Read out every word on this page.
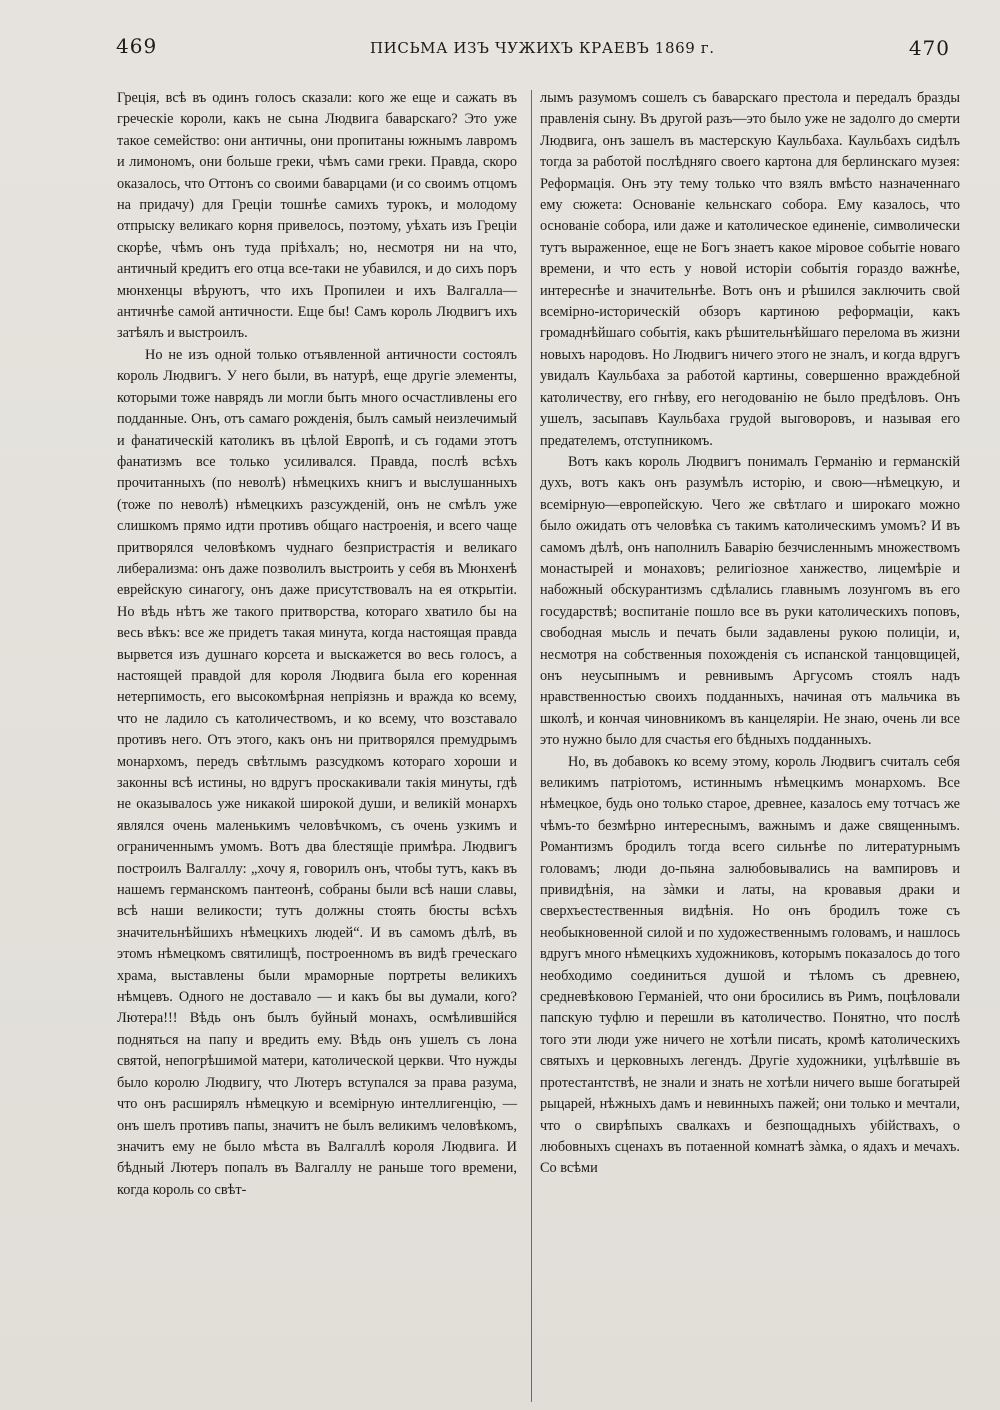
469	ПИСЬМА ИЗЪ ЧУЖИХЪ КРАЕВЪ 1869 г.	470

Грецiя, всѣ въ одинъ голосъ сказали: кого же еще и сажать въ греческiе короли, какъ не сына Людвига баварскаго? Это уже такое семейство: они античны, они пропитаны южнымъ лавромъ и лимономъ, они больше греки, чѣмъ сами греки. Правда, скоро оказалось, что Оттонъ со своими баварцами (и со своимъ отцомъ на придачу) для Грецiи тошнѣе самихъ турокъ, и молодому отпрыску великаго корня привелось, поэтому, уѣхать изъ Грецiи скорѣе, чѣмъ онъ туда прiѣхалъ; но, несмотря ни на что, античный кредитъ его отца все-таки не убавился, и до сихъ поръ мюнхенцы вѣруютъ, что ихъ Пропилеи и ихъ Валгалла—античнѣе самой античности. Еще бы! Самъ король Людвигъ ихъ затѣялъ и выстроилъ.

Но не изъ одной только отъявленной античности состоялъ король Людвигъ. У него были, въ натурѣ, еще другiе элементы, которыми тоже наврядъ ли могли быть много осчастливлены его подданные. Онъ, отъ самаго рожденiя, былъ самый неизлечимый и фанатическiй католикъ въ цѣлой Европѣ, и съ годами этотъ фанатизмъ все только усиливался. Правда, послѣ всѣхъ прочитанныхъ (по неволѣ) нѣмецкихъ книгъ и выслушанныхъ (тоже по неволѣ) нѣмецкихъ разсужденiй, онъ не смѣлъ уже слишкомъ прямо идти противъ общаго настроенiя, и всего чаще притворялся человѣкомъ чуднаго безпристрастiя и великаго либерализма: онъ даже позволилъ выстроить у себя въ Мюнхенѣ еврейскую синагогу, онъ даже присутствовалъ на ея открытiи. Но вѣдь нѣтъ же такого притворства, котораго хватило бы на весь вѣкъ: все же придетъ такая минута, когда настоящая правда вырвется изъ душнаго корсета и выскажется во весь голосъ, а настоящей правдой для короля Людвига была его коренная нетерпимость, его высокомѣрная непрiязнь и вражда ко всему, что не ладило съ католичествомъ, и ко всему, что возставало противъ него. Отъ этого, какъ онъ ни притворялся премудрымъ монархомъ, передъ свѣтлымъ разсудкомъ котораго хороши и законны всѣ истины, но вдругъ проскакивали такiя минуты, гдѣ не оказывалось уже никакой широкой души, и великiй монархъ являлся очень маленькимъ человѣчкомъ, съ очень узкимъ и ограниченнымъ умомъ. Вотъ два блестящiе примѣра. Людвигъ построилъ Валгаллу: „хочу я, говорилъ онъ, чтобы тутъ, какъ въ нашемъ германскомъ пантеонѣ, собраны были всѣ наши славы, всѣ наши великости; тутъ должны стоять бюсты всѣхъ значительнѣйшихъ нѣмецкихъ людей“. И въ самомъ дѣлѣ, въ этомъ нѣмецкомъ святилищѣ, построенномъ въ видѣ греческаго храма, выставлены были мраморные портреты великихъ нѣмцевъ. Одного не доставало — и какъ бы вы думали, кого? Лютера!!! Вѣдь онъ былъ буйный монахъ, осмѣлившiйся подняться на папу и вредить ему. Вѣдь онъ ушелъ съ лона святой, непогрѣшимой матери, католической церкви. Что нужды было королю Людвигу, что Лютеръ вступался за права разума, что онъ расширялъ нѣмецкую и всемiрную интеллигенцiю, — онъ шелъ противъ папы, значитъ не былъ великимъ человѣкомъ, значитъ ему не было мѣста въ Валгаллѣ короля Людвига. И бѣдный Лютеръ попалъ въ Валгаллу не раньше того времени, когда король со свѣт-

лымъ разумомъ сошелъ съ баварскаго престола и передалъ бразды правленiя сыну. Въ другой разъ—это было уже не задолго до смерти Людвига, онъ зашелъ въ мастерскую Каульбаха. Каульбахъ сидѣлъ тогда за работой послѣдняго своего картона для берлинскаго музея: Реформацiя. Онъ эту тему только что взялъ вмѣсто назначеннаго ему сюжета: Основанiе кельнскаго собора. Ему казалось, что основанiе собора, или даже и католическое единенiе, символически тутъ выраженное, еще не Богъ знаетъ какое мiровое событiе новаго времени, и что есть у новой исторiи событiя гораздо важнѣе, интереснѣе и значительнѣе. Вотъ онъ и рѣшился заключить свой всемiрно-историческiй обзоръ картиною реформацiи, какъ громаднѣйшаго событiя, какъ рѣшительнѣйшаго перелома въ жизни новыхъ народовъ. Но Людвигъ ничего этого не зналъ, и когда вдругъ увидалъ Каульбаха за работой картины, совершенно враждебной католичеству, его гнѣву, его негодованiю не было предѣловъ. Онъ ушелъ, засыпавъ Каульбаха грудой выговоровъ, и называя его предателемъ, отступникомъ.

Вотъ какъ король Людвигъ понималъ Германiю и германскiй духъ, вотъ какъ онъ разумѣлъ исторiю, и свою—нѣмецкую, и всемiрную—европейскую. Чего же свѣтлаго и широкаго можно было ожидать отъ человѣка съ такимъ католическимъ умомъ? И въ самомъ дѣлѣ, онъ наполнилъ Баварiю безчисленнымъ множествомъ монастырей и монаховъ; религiозное ханжество, лицемѣрiе и набожный обскурантизмъ сдѣлались главнымъ лозунгомъ въ его государствѣ; воспитанiе пошло все въ руки католическихъ поповъ, свободная мысль и печать были задавлены рукою полицiи, и, несмотря на собственныя похожденiя съ испанской танцовщицей, онъ неусыпнымъ и ревнивымъ Аргусомъ стоялъ надъ нравственностью своихъ подданныхъ, начиная отъ мальчика въ школѣ, и кончая чиновникомъ въ канцелярiи. Не знаю, очень ли все это нужно было для счастья его бѣдныхъ подданныхъ.

Но, въ добавокъ ко всему этому, король Людвигъ считалъ себя великимъ патрiотомъ, истиннымъ нѣмецкимъ монархомъ. Все нѣмецкое, будь оно только старое, древнее, казалось ему тотчасъ же чѣмъ-то безмѣрно интереснымъ, важнымъ и даже священнымъ. Романтизмъ бродилъ тогда всего сильнѣе по литературнымъ головамъ; люди до-пьяна залюбовывались на вампировъ и привидѣнiя, на зàмки и латы, на кровавыя драки и сверхъестественныя видѣнiя. Но онъ бродилъ тоже съ необыкновенной силой и по художественнымъ головамъ, и нашлось вдругъ много нѣмецкихъ художниковъ, которымъ показалось до того необходимо соединиться душой и тѣломъ съ древнею, средневѣковою Германiей, что они бросились въ Римъ, поцѣловали папскую туфлю и перешли въ католичество. Понятно, что послѣ того эти люди уже ничего не хотѣли писать, кромѣ католическихъ святыхъ и церковныхъ легендъ. Другiе художники, уцѣлѣвшiе въ протестантствѣ, не знали и знать не хотѣли ничего выше богатырей рыцарей, нѣжныхъ дамъ и невинныхъ пажей; они только и мечтали, что о свирѣпыхъ свалкахъ и безпощадныхъ убiйствахъ, о любовныхъ сценахъ въ потаенной комнатѣ зàмка, о ядахъ и мечахъ. Со всѣми
